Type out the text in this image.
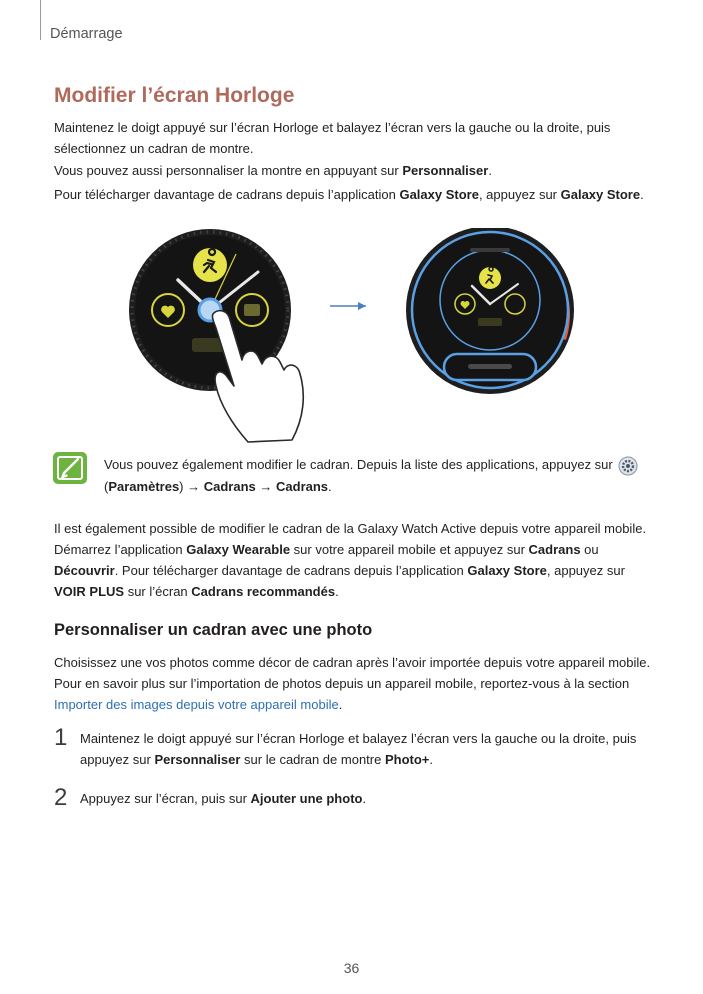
Démarrage
Modifier l’écran Horloge

Maintenez le doigt appuyé sur l’écran Horloge et balayez l’écran vers la gauche ou la droite, puis sélectionnez un cadran de montre.

Vous pouvez aussi personnaliser la montre en appuyant sur Personnaliser.

Pour télécharger davantage de cadrans depuis l’application Galaxy Store, appuyez sur Galaxy Store.

Vous pouvez également modifier le cadran. Depuis la liste des applications, appuyez sur
(Paramètres) → Cadrans → Cadrans.

Il est également possible de modifier le cadran de la Galaxy Watch Active depuis votre appareil mobile. Démarrez l’application Galaxy Wearable sur votre appareil mobile et appuyez sur Cadrans ou Découvrir. Pour télécharger davantage de cadrans depuis l’application Galaxy Store, appuyez sur VOIR PLUS sur l’écran Cadrans recommandés.

Personnaliser un cadran avec une photo

Choisissez une vos photos comme décor de cadran après l’avoir importée depuis votre appareil mobile. Pour en savoir plus sur l’importation de photos depuis un appareil mobile, reportez-vous à la section Importer des images depuis votre appareil mobile.

1 Maintenez le doigt appuyé sur l’écran Horloge et balayez l’écran vers la gauche ou la droite, puis appuyez sur Personnaliser sur le cadran de montre Photo+.

2 Appuyez sur l’écran, puis sur Ajouter une photo.

36
